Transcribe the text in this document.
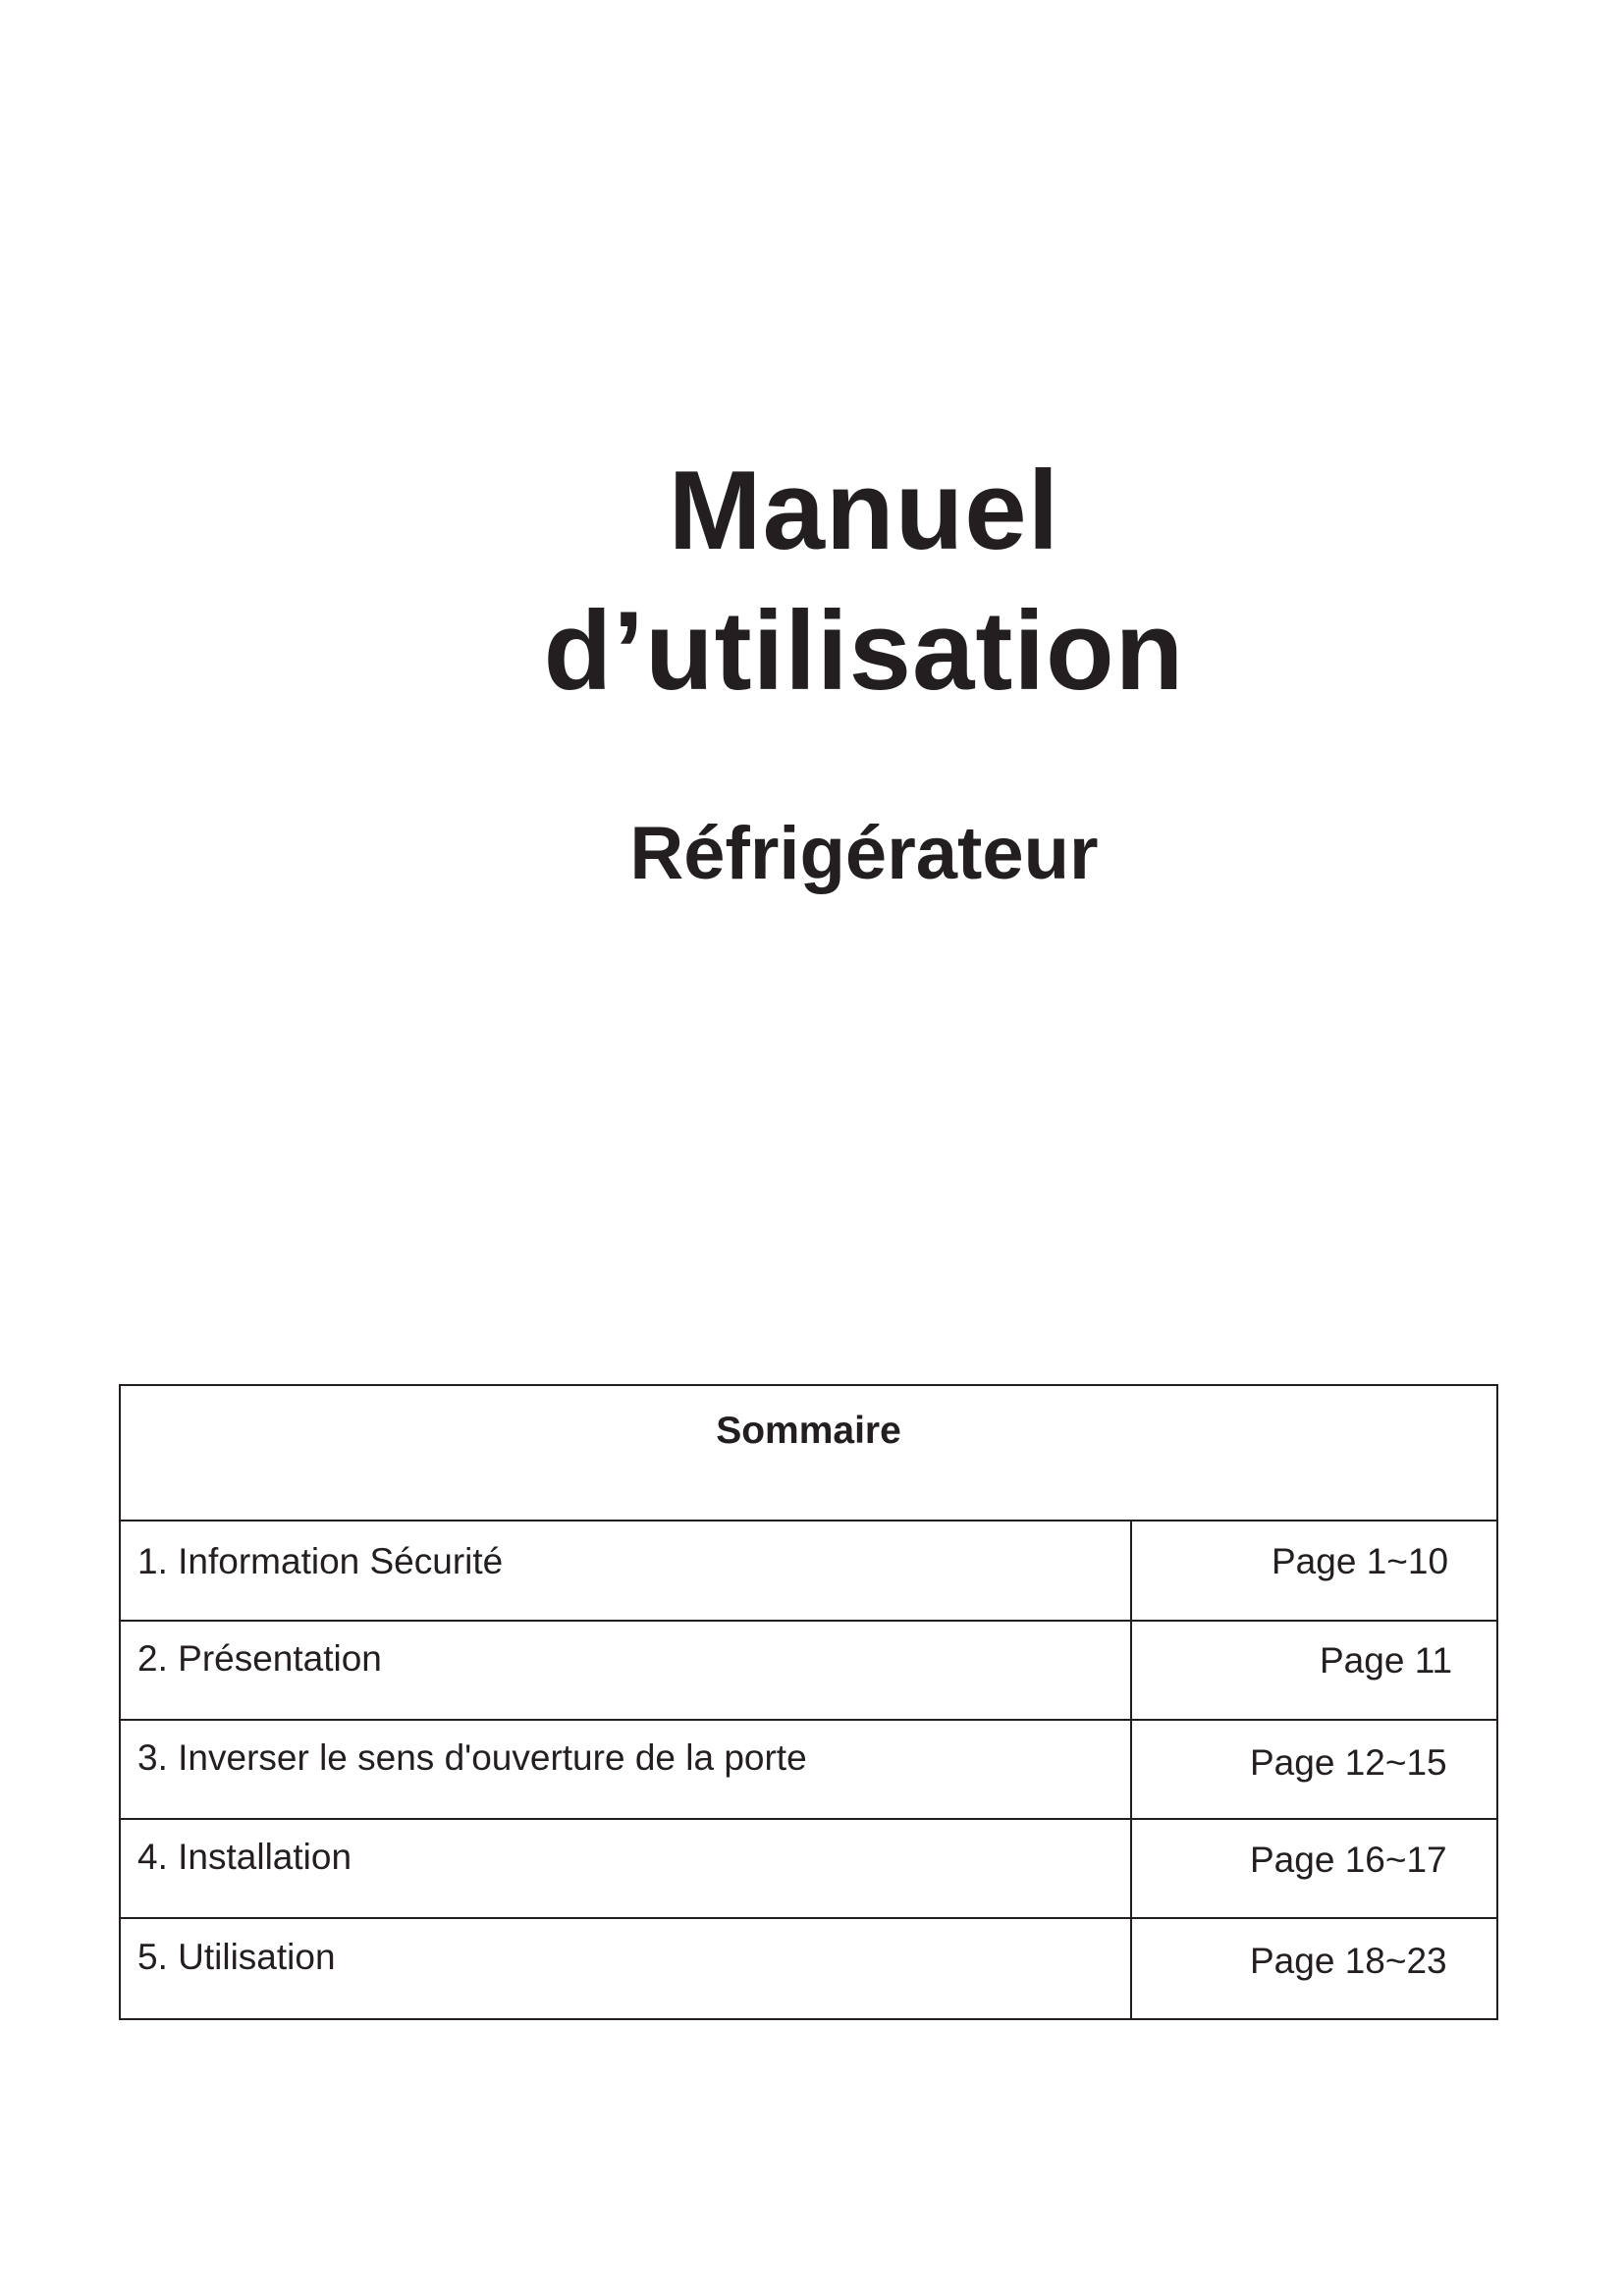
Manuel
d’utilisation
Réfrigérateur
Sommaire
1. Information Sécurité	Page 1~10
2. Présentation	Page 11
3. Inverser le sens d'ouverture de la porte	Page 12~15
4. Installation	Page 16~17
5. Utilisation	Page 18~23
